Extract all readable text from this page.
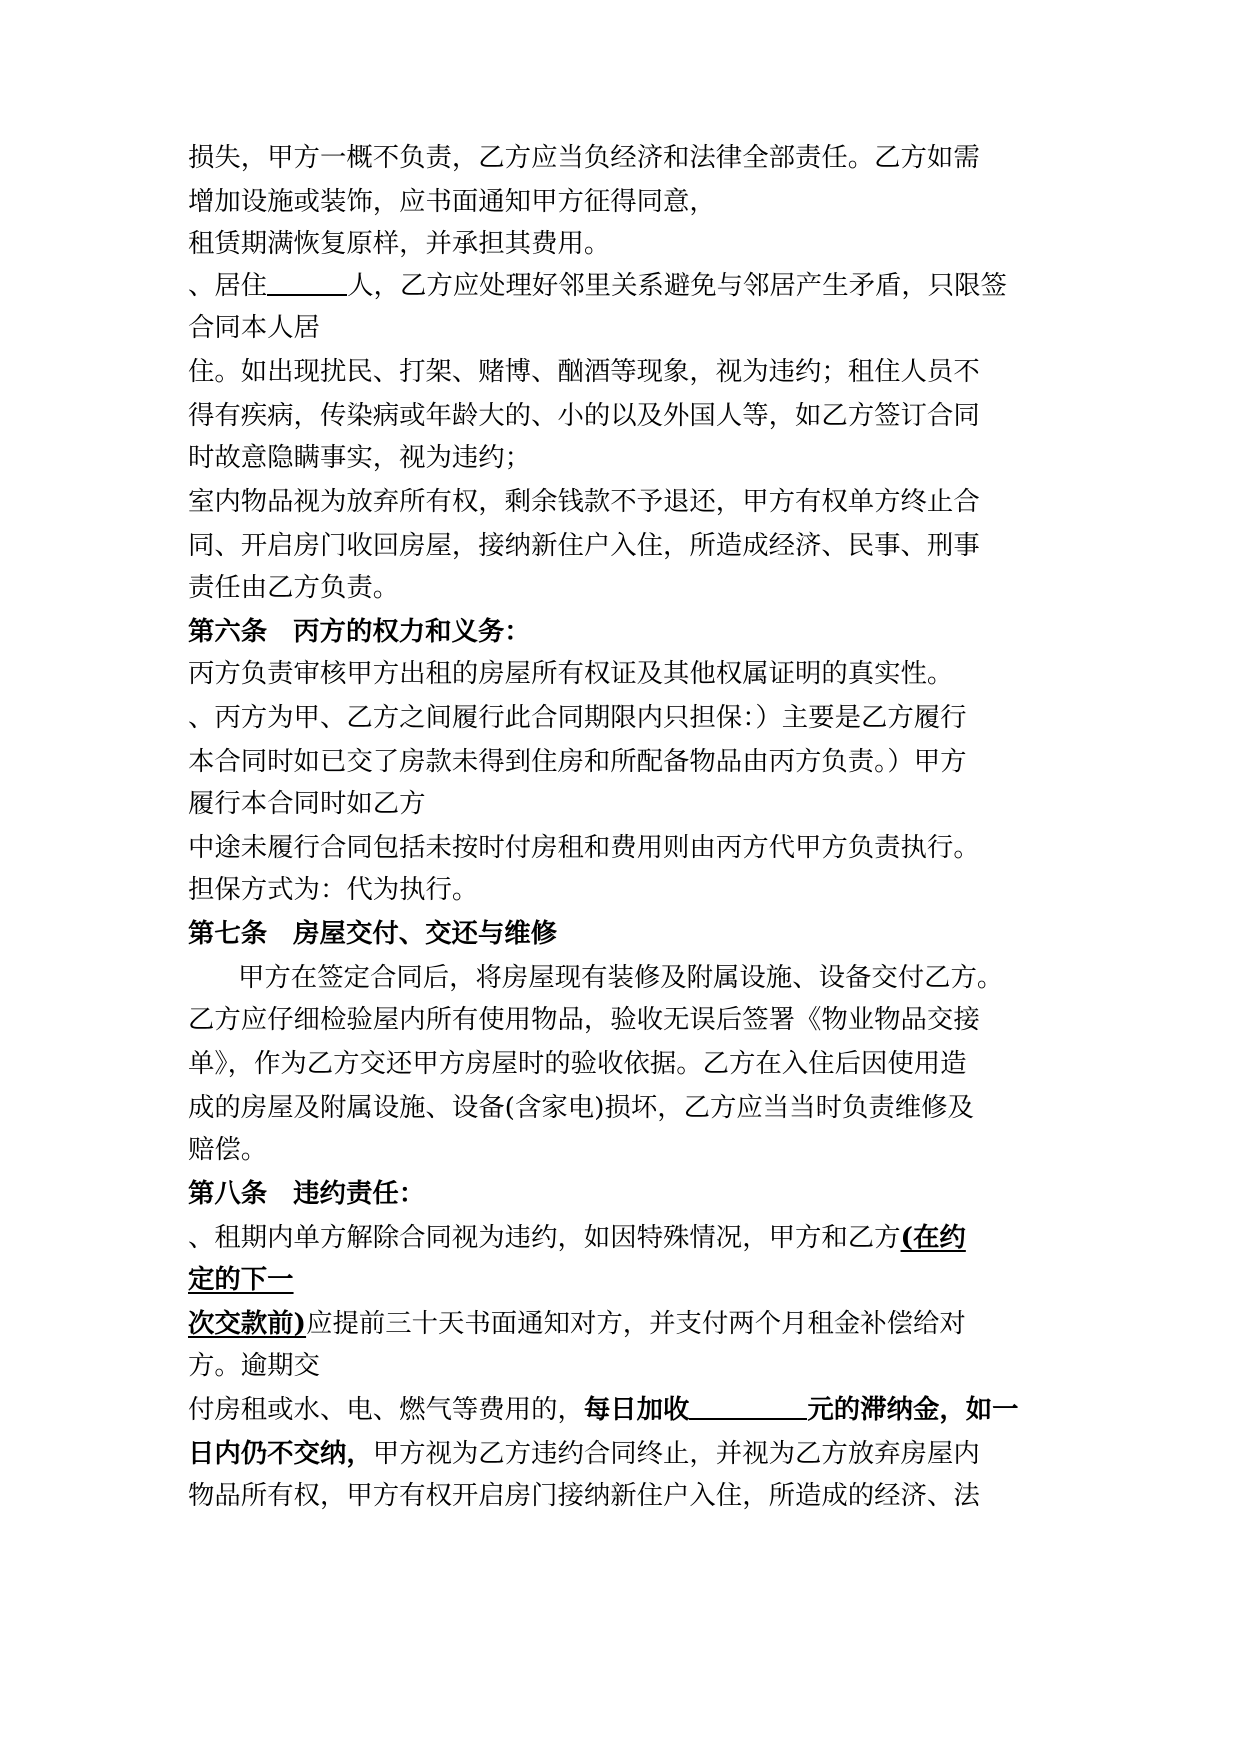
损失，甲方一概不负责，乙方应当负经济和法律全部责任。乙方如需
增加设施或装饰，应书面通知甲方征得同意，
租赁期满恢复原样，并承担其费用。
、居住	人，乙方应处理好邻里关系避免与邻居产生矛盾，只限签
合同本人居
住。如出现扰民、打架、赌博、酗酒等现象，视为违约；租住人员不
得有疾病，传染病或年龄大的、小的以及外国人等，如乙方签订合同
时故意隐瞒事实，视为违约；
室内物品视为放弃所有权，剩余钱款不予退还，甲方有权单方终止合
同、开启房门收回房屋，接纳新住户入住，所造成经济、民事、刑事
责任由乙方负责。
第六条 丙方的权力和义务：
丙方负责审核甲方出租的房屋所有权证及其他权属证明的真实性。
、丙方为甲、乙方之间履行此合同期限内只担保：）主要是乙方履行
本合同时如已交了房款未得到住房和所配备物品由丙方负责。）甲方
履行本合同时如乙方
中途未履行合同包括未按时付房租和费用则由丙方代甲方负责执行。
担保方式为：代为执行。
第七条 房屋交付、交还与维修
甲方在签定合同后，将房屋现有装修及附属设施、设备交付乙方。
乙方应仔细检验屋内所有使用物品，验收无误后签署《物业物品交接
单》，作为乙方交还甲方房屋时的验收依据。乙方在入住后因使用造
成的房屋及附属设施、设备(含家电)损坏，乙方应当当时负责维修及
赔偿。
第八条 违约责任：
、租期内单方解除合同视为违约，如因特殊情况，甲方和乙方(在约
定的下一
次交款前)应提前三十天书面通知对方，并支付两个月租金补偿给对
方。逾期交
付房租或水、电、燃气等费用的，每日加收	元的滞纳金，如一
日内仍不交纳，甲方视为乙方违约合同终止，并视为乙方放弃房屋内
物品所有权，甲方有权开启房门接纳新住户入住，所造成的经济、法
